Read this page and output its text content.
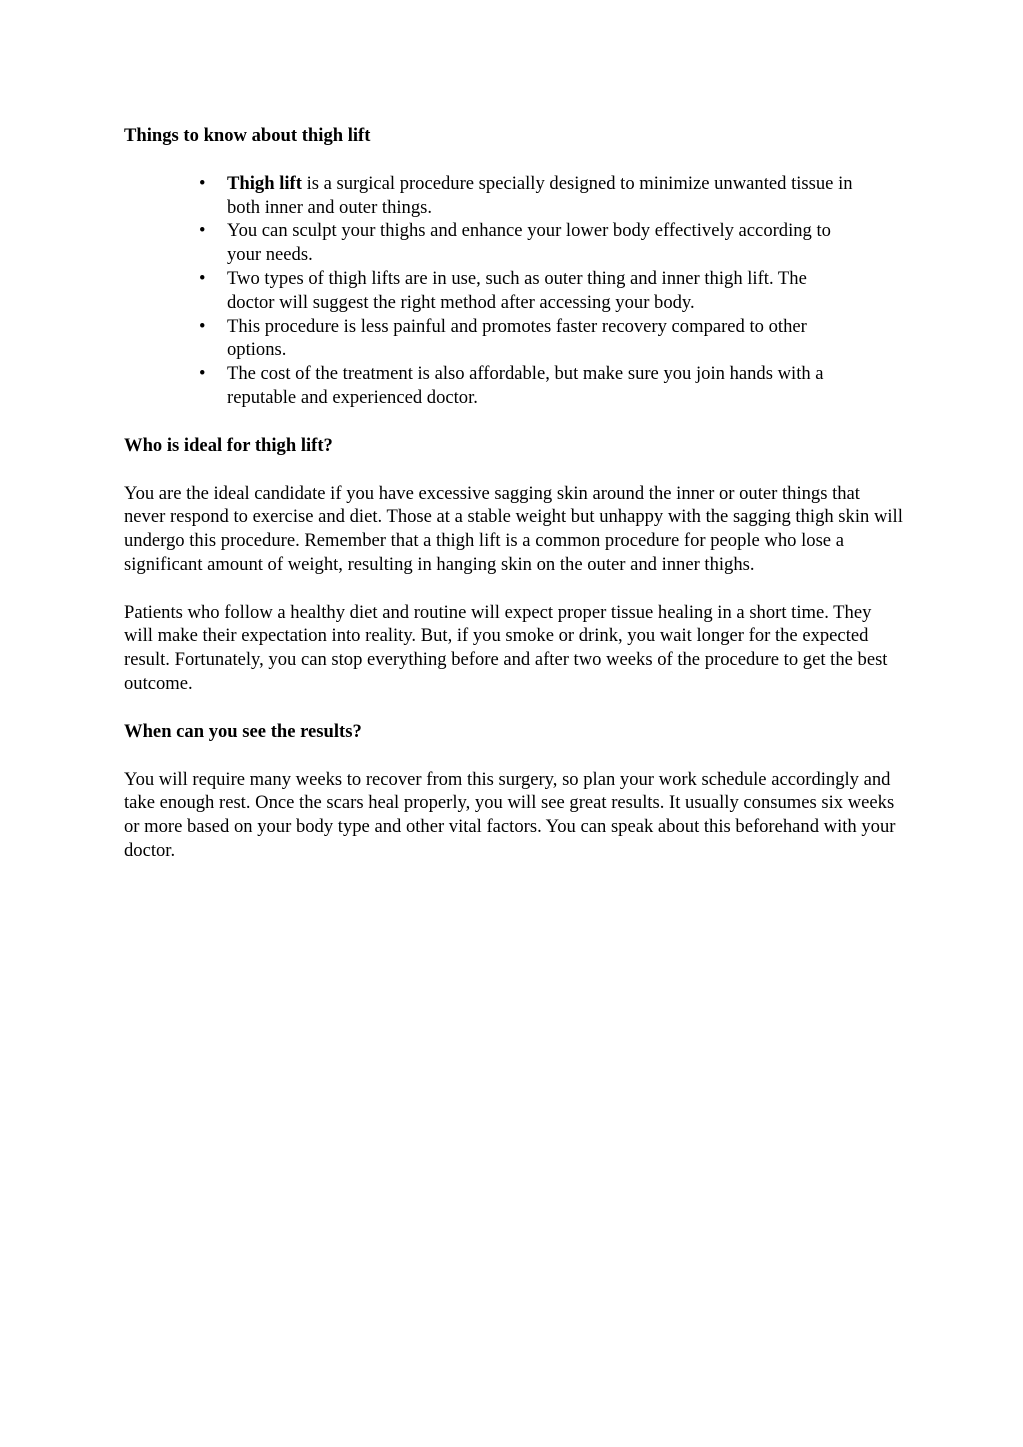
Things to know about thigh lift
• Thigh lift is a surgical procedure specially designed to minimize unwanted tissue in both inner and outer things.
• You can sculpt your thighs and enhance your lower body effectively according to your needs.
• Two types of thigh lifts are in use, such as outer thing and inner thigh lift. The doctor will suggest the right method after accessing your body.
• This procedure is less painful and promotes faster recovery compared to other options.
• The cost of the treatment is also affordable, but make sure you join hands with a reputable and experienced doctor.
Who is ideal for thigh lift?

You are the ideal candidate if you have excessive sagging skin around the inner or outer things that never respond to exercise and diet. Those at a stable weight but unhappy with the sagging thigh skin will undergo this procedure. Remember that a thigh lift is a common procedure for people who lose a significant amount of weight, resulting in hanging skin on the outer and inner thighs.

Patients who follow a healthy diet and routine will expect proper tissue healing in a short time. They will make their expectation into reality. But, if you smoke or drink, you wait longer for the expected result. Fortunately, you can stop everything before and after two weeks of the procedure to get the best outcome.

When can you see the results?

You will require many weeks to recover from this surgery, so plan your work schedule accordingly and take enough rest. Once the scars heal properly, you will see great results. It usually consumes six weeks or more based on your body type and other vital factors. You can speak about this beforehand with your doctor.
